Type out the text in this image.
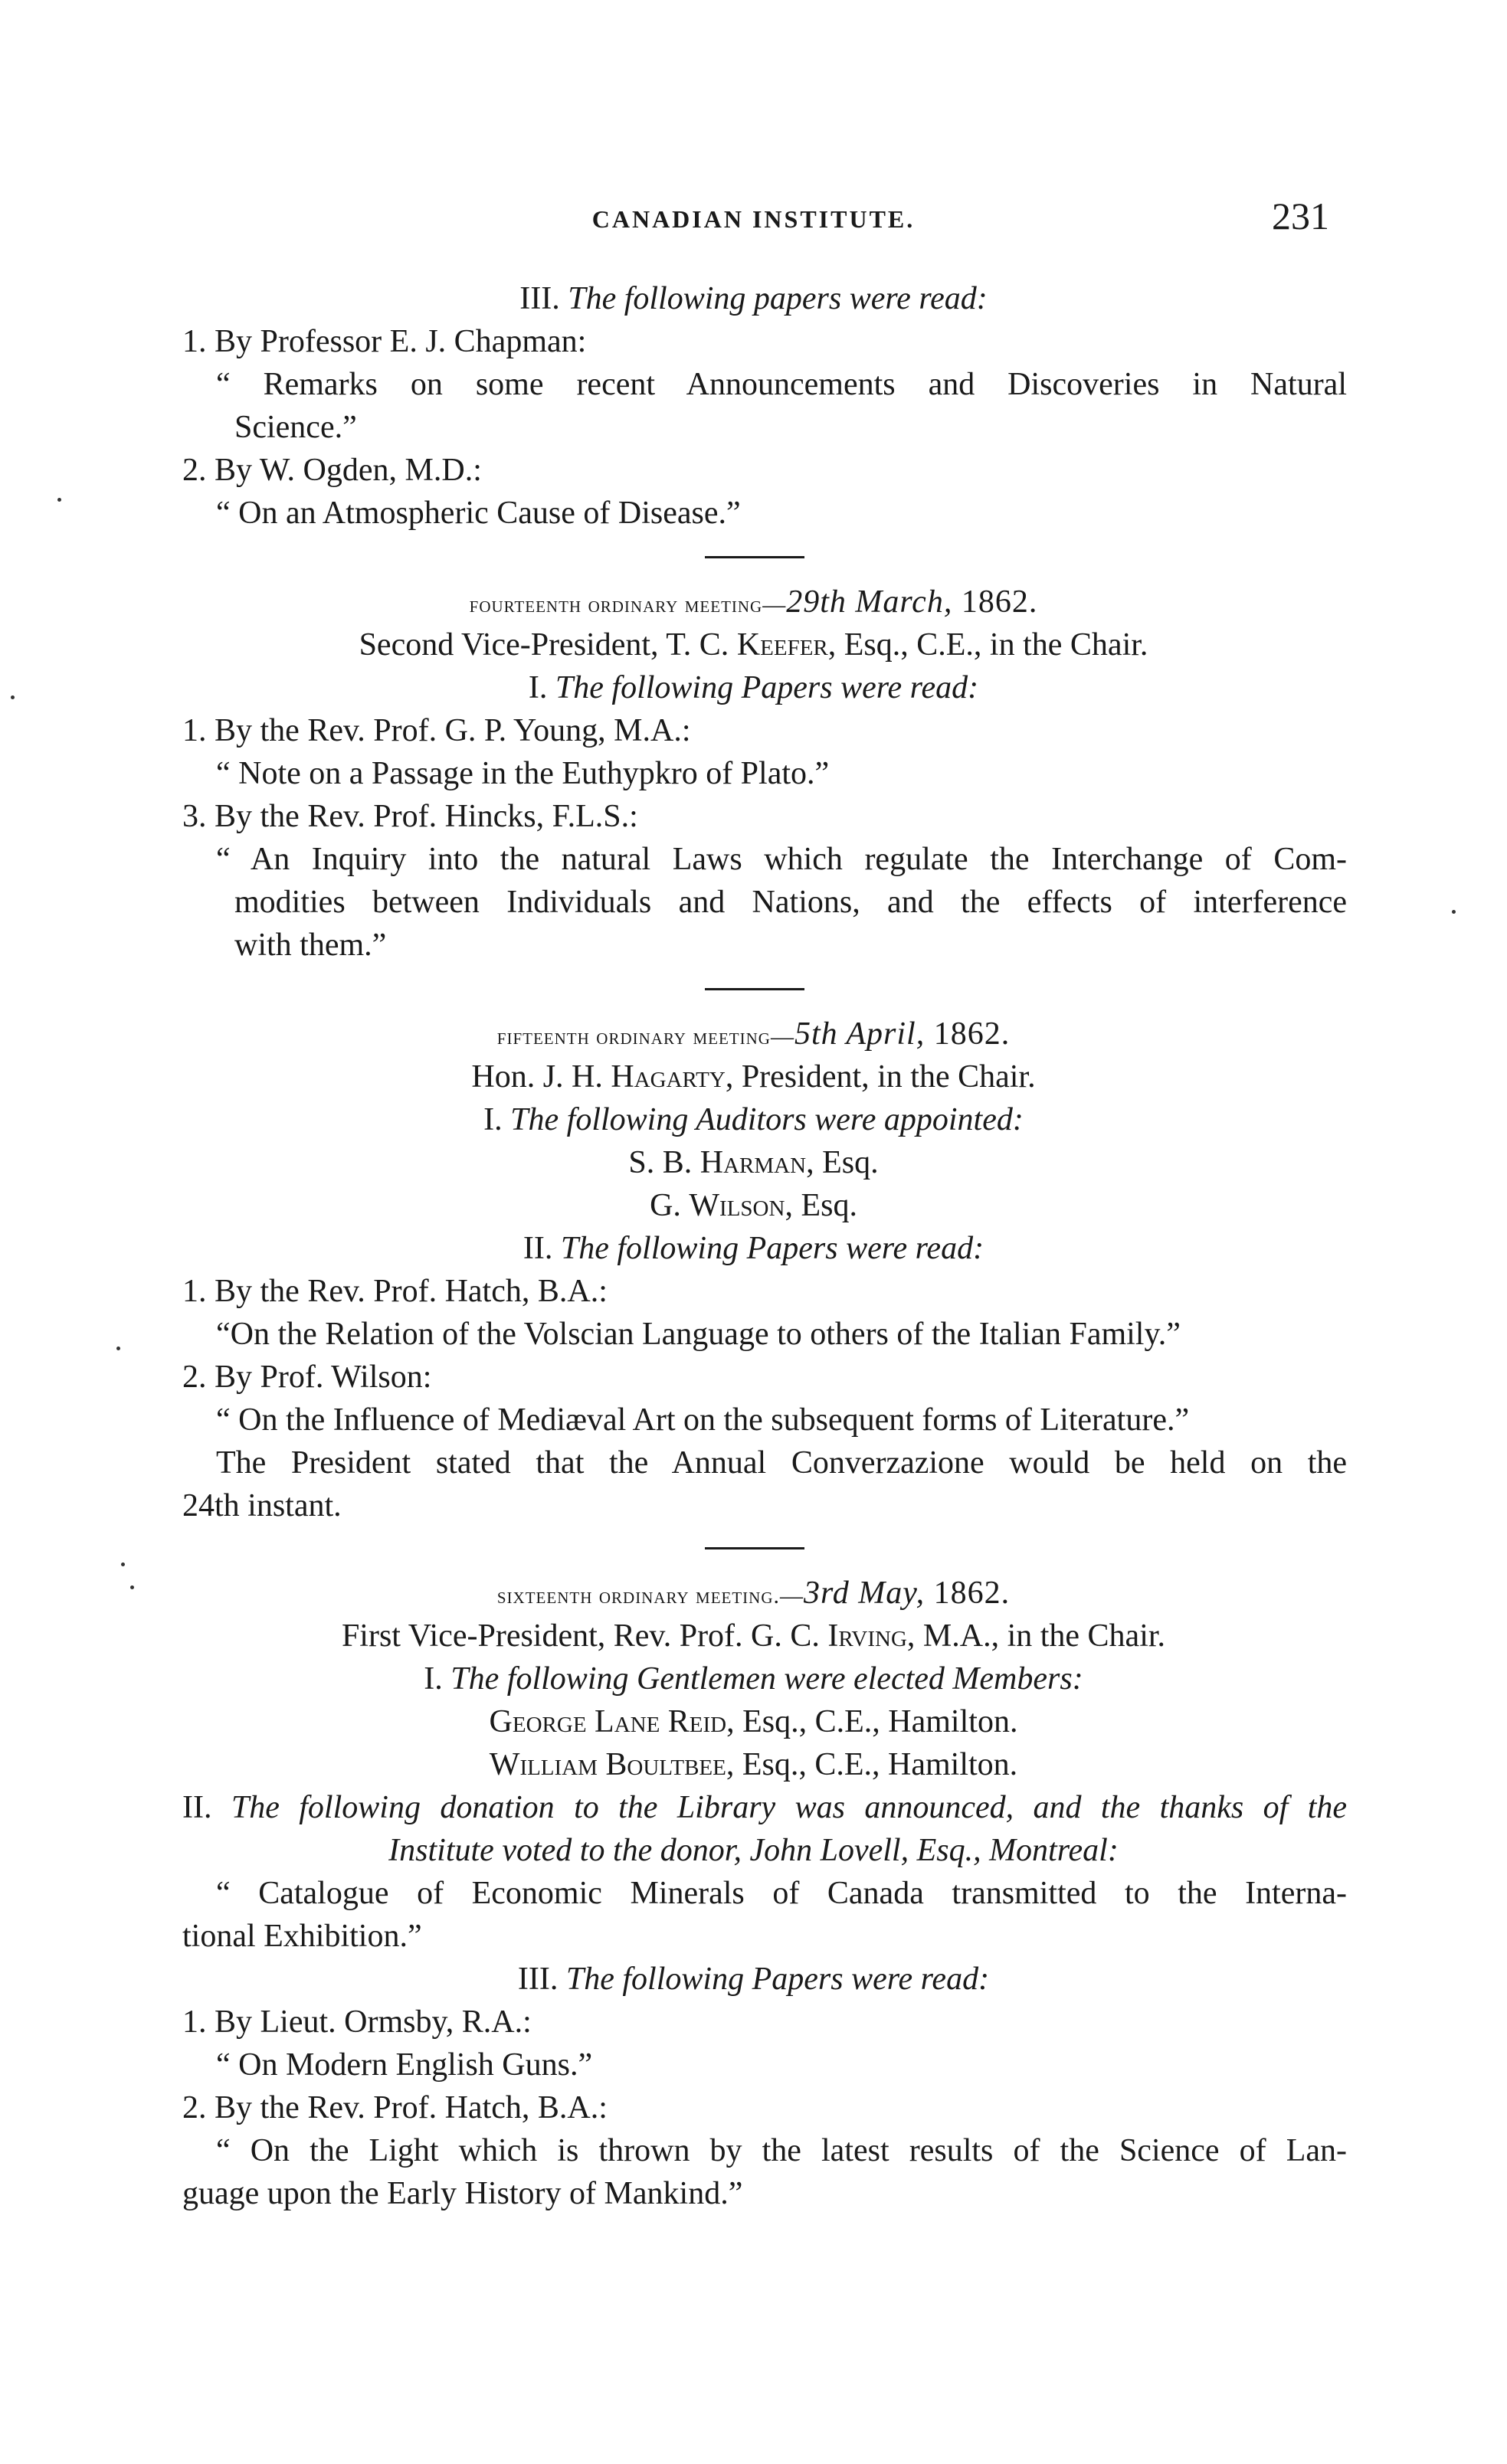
CANADIAN INSTITUTE.	231
III. The following papers were read:
1. By Professor E. J. Chapman:
“ Remarks on some recent Announcements and Discoveries in Natural
Science.”
2. By W. Ogden, M.D.:
“ On an Atmospheric Cause of Disease.”
fourteenth ordinary meeting—29th March, 1862.
Second Vice-President, T. C. Keefer, Esq., C.E., in the Chair.
I. The following Papers were read:
1. By the Rev. Prof. G. P. Young, M.A.:
“ Note on a Passage in the Euthypkro of Plato.”
3. By the Rev. Prof. Hincks, F.L.S.:
“ An Inquiry into the natural Laws which regulate the Interchange of Com-
modities between Individuals and Nations, and the effects of interference
with them.”
fifteenth ordinary meeting—5th April, 1862.
Hon. J. H. Hagarty, President, in the Chair.
I. The following Auditors were appointed:
S. B. Harman, Esq.
G. Wilson, Esq.
II. The following Papers were read:
1. By the Rev. Prof. Hatch, B.A.:
“On the Relation of the Volscian Language to others of the Italian Family.”
2. By Prof. Wilson:
“ On the Influence of Mediæval Art on the subsequent forms of Literature.”
The President stated that the Annual Converzazione would be held on the
24th instant.
sixteenth ordinary meeting.—3rd May, 1862.
First Vice-President, Rev. Prof. G. C. Irving, M.A., in the Chair.
I. The following Gentlemen were elected Members:
George Lane Reid, Esq., C.E., Hamilton.
William Boultbee, Esq., C.E., Hamilton.
II. The following donation to the Library was announced, and the thanks of the
Institute voted to the donor, John Lovell, Esq., Montreal:
“ Catalogue of Economic Minerals of Canada transmitted to the Interna-
tional Exhibition.”
III. The following Papers were read:
1. By Lieut. Ormsby, R.A.:
“ On Modern English Guns.”
2. By the Rev. Prof. Hatch, B.A.:
“ On the Light which is thrown by the latest results of the Science of Lan-
guage upon the Early History of Mankind.”
